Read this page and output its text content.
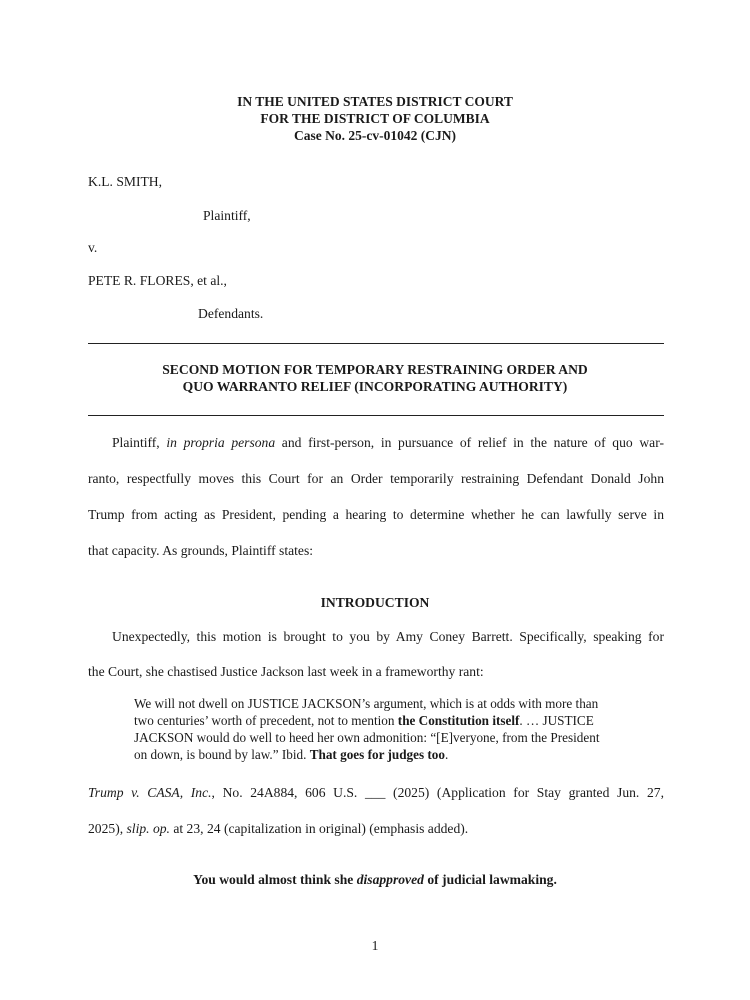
IN THE UNITED STATES DISTRICT COURT
FOR THE DISTRICT OF COLUMBIA
Case No. 25-cv-01042 (CJN)
K.L. SMITH,
Plaintiff,
v.
PETE R. FLORES, et al.,
Defendants.
SECOND MOTION FOR TEMPORARY RESTRAINING ORDER AND
QUO WARRANTO RELIEF (INCORPORATING AUTHORITY)
Plaintiff, in propria persona and first-person, in pursuance of relief in the nature of quo war-
ranto, respectfully moves this Court for an Order temporarily restraining Defendant Donald John
Trump from acting as President, pending a hearing to determine whether he can lawfully serve in
that capacity. As grounds, Plaintiff states:
INTRODUCTION
Unexpectedly, this motion is brought to you by Amy Coney Barrett. Specifically, speaking for
the Court, she chastised Justice Jackson last week in a frameworthy rant:
We will not dwell on JUSTICE JACKSON’s argument, which is at odds with more than
two centuries’ worth of precedent, not to mention the Constitution itself. … JUSTICE
JACKSON would do well to heed her own admonition: “[E]veryone, from the President
on down, is bound by law.” Ibid. That goes for judges too.
Trump v. CASA, Inc., No. 24A884, 606 U.S. ___ (2025) (Application for Stay granted Jun. 27,
2025), slip. op. at 23, 24 (capitalization in original) (emphasis added).
You would almost think she disapproved of judicial lawmaking.
1
